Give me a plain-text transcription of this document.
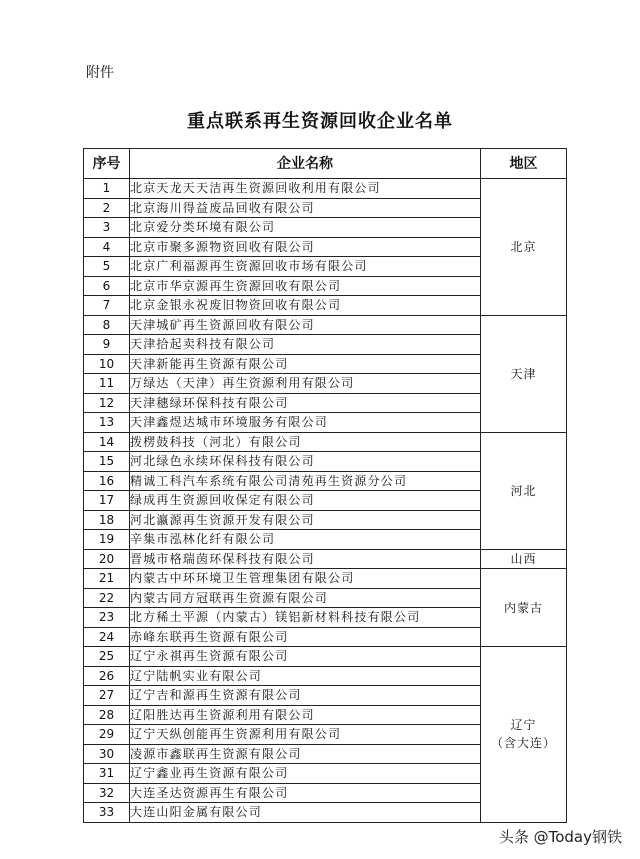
附件
重点联系再生资源回收企业名单
序号	企业名称	地区
1	北京天龙天天洁再生资源回收利用有限公司	北京

2	北京海川得益废品回收有限公司	
3	北京爱分类环境有限公司	
4	北京市聚多源物资回收有限公司	
5	北京广利福源再生资源回收市场有限公司	
6	北京市华京源再生资源回收有限公司	
7	北京金银永祝废旧物资回收有限公司	
8	天津城矿再生资源回收有限公司	天津

9	天津拾起卖科技有限公司	
10	天津新能再生资源有限公司	
11	万绿达（天津）再生资源利用有限公司	
12	天津穗绿环保科技有限公司	
13	天津鑫煜达城市环境服务有限公司	
14	拨楞鼓科技（河北）有限公司	河北

15	河北绿色永续环保科技有限公司	
16	精诚工科汽车系统有限公司清苑再生资源分公司	
17	绿成再生资源回收保定有限公司	
18	河北瀛源再生资源开发有限公司	
19	辛集市泓林化纤有限公司	
20	晋城市格瑞茵环保科技有限公司	山西

21	内蒙古中环环境卫生管理集团有限公司	内蒙古

22	内蒙古同方冠联再生资源有限公司	
23	北方稀土平源（内蒙古）镁铝新材料科技有限公司	
24	赤峰东联再生资源有限公司	
25	辽宁永祺再生资源有限公司	辽宁
（含大连）

26	辽宁陆帆实业有限公司	
27	辽宁吉和源再生资源有限公司	
28	辽阳胜达再生资源利用有限公司	
29	辽宁天纵创能再生资源利用有限公司	
30	凌源市鑫联再生资源有限公司	
31	辽宁鑫业再生资源有限公司	
32	大连圣达资源再生有限公司	
33	大连山阳金属有限公司	
头条 @Today钢铁
